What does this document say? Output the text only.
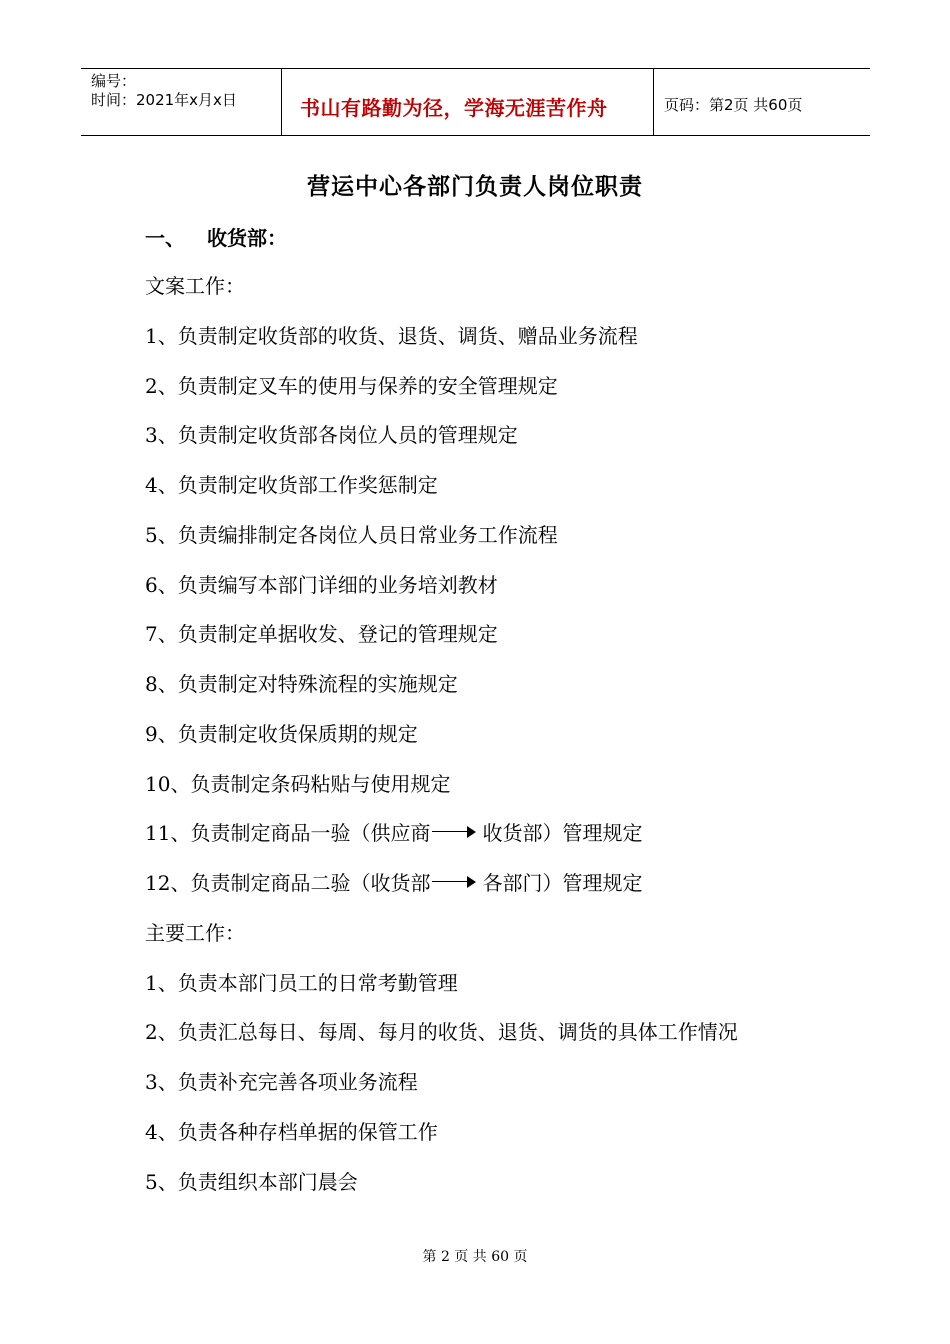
编号：
时间：2021年x月x日	书山有路勤为径，学海无涯苦作舟	页码：第2页 共60页
营运中心各部门负责人岗位职责
一、 收货部：
文案工作：
1、负责制定收货部的收货、退货、调货、赠品业务流程
2、负责制定叉车的使用与保养的安全管理规定
3、负责制定收货部各岗位人员的管理规定
4、负责制定收货部工作奖惩制定
5、负责编排制定各岗位人员日常业务工作流程
6、负责编写本部门详细的业务培刘教材
7、负责制定单据收发、登记的管理规定
8、负责制定对特殊流程的实施规定
9、负责制定收货保质期的规定
10、负责制定条码粘贴与使用规定
11、负责制定商品一验（供应商	收货部）管理规定
12、负责制定商品二验（收货部	各部门）管理规定
主要工作：
1、负责本部门员工的日常考勤管理
2、负责汇总每日、每周、每月的收货、退货、调货的具体工作情况
3、负责补充完善各项业务流程
4、负责各种存档单据的保管工作
5、负责组织本部门晨会
第 2 页 共 60 页
